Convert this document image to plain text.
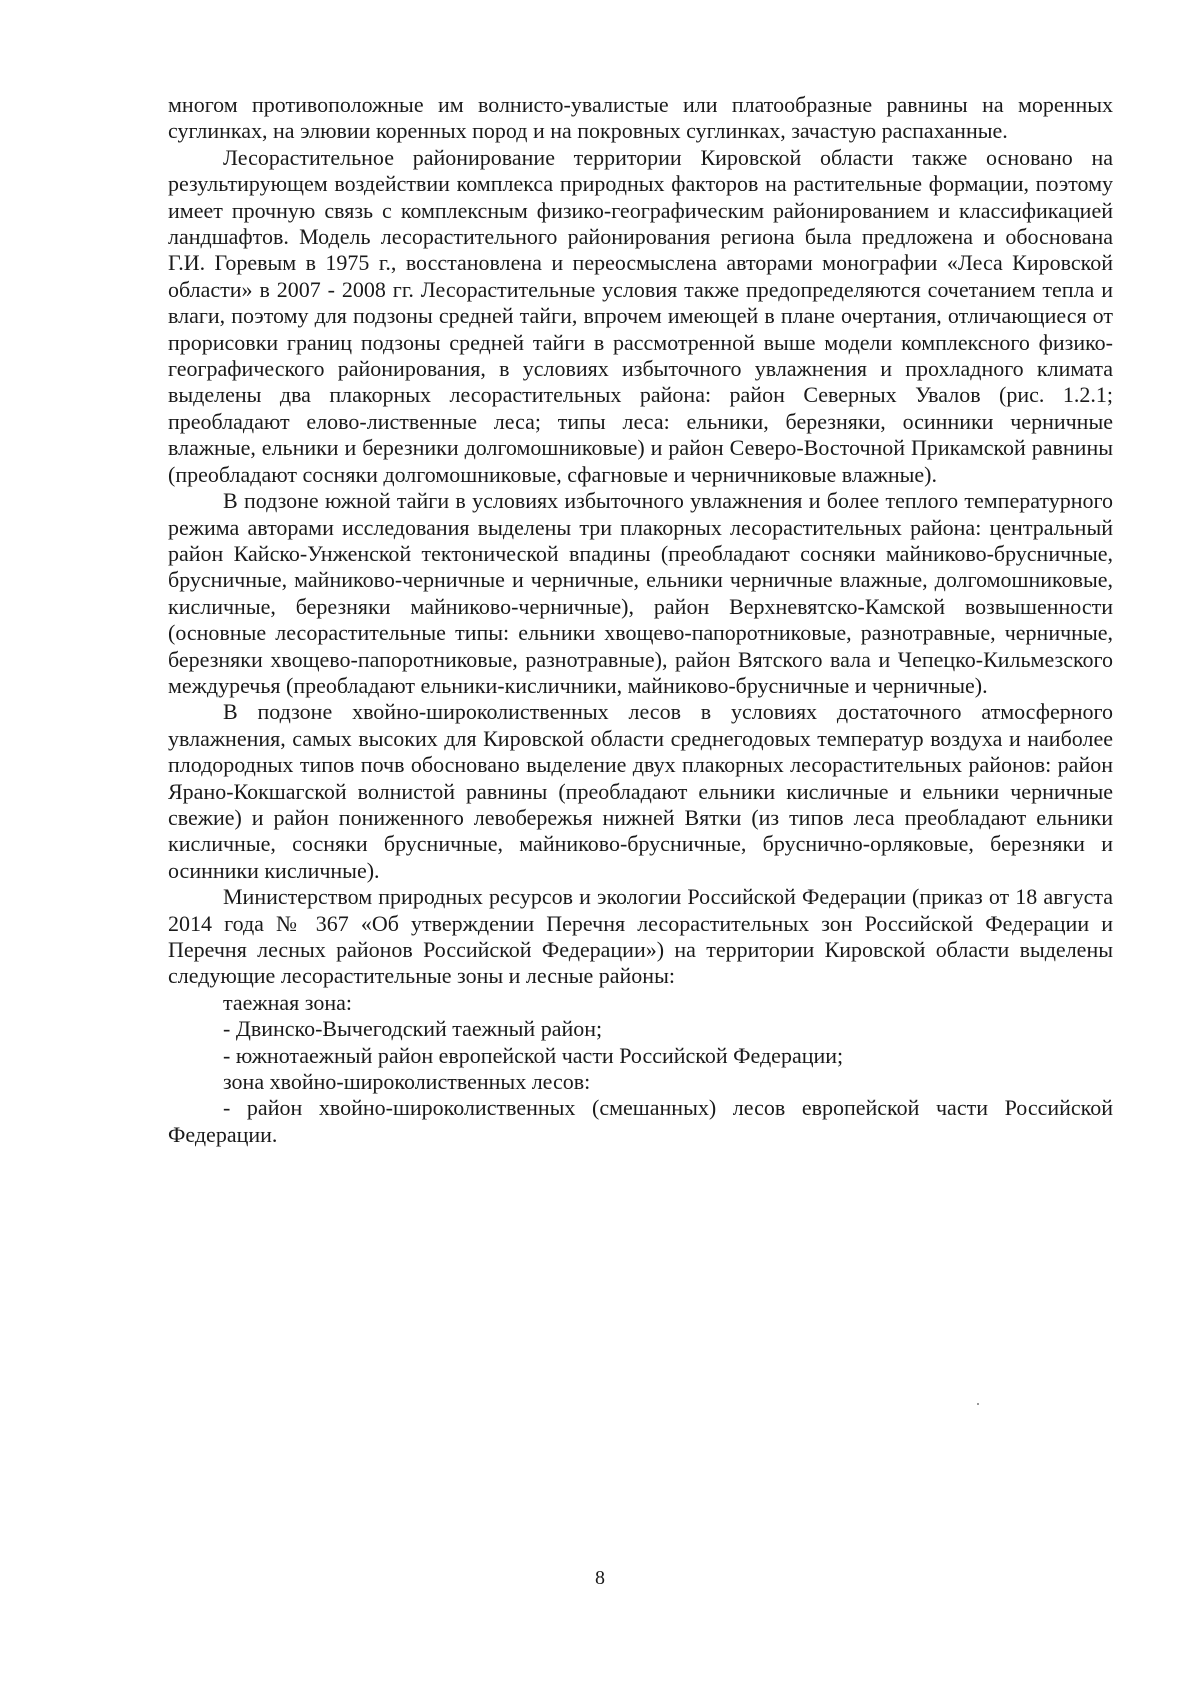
многом противоположные им волнисто-увалистые или платообразные равнины на моренных суглинках, на элювии коренных пород и на покровных суглинках, зачастую распаханные.

Лесорастительное районирование территории Кировской области также основано на результирующем воздействии комплекса природных факторов на растительные формации, поэтому имеет прочную связь с комплексным физико-географическим районированием и классификацией ландшафтов. Модель лесорастительного районирования региона была предложена и обоснована Г.И. Горевым в 1975 г., восстановлена и переосмыслена авторами монографии «Леса Кировской области» в 2007 - 2008 гг. Лесорастительные условия также предопределяются сочетанием тепла и влаги, поэтому для подзоны средней тайги, впрочем имеющей в плане очертания, отличающиеся от прорисовки границ подзоны средней тайги в рассмотренной выше модели комплексного физико-географического районирования, в условиях избыточного увлажнения и прохладного климата выделены два плакорных лесорастительных района: район Северных Увалов (рис. 1.2.1; преобладают елово-лиственные леса; типы леса: ельники, березняки, осинники черничные влажные, ельники и березники долгомошниковые) и район Северо-Восточной Прикамской равнины (преобладают сосняки долгомошниковые, сфагновые и черничниковые влажные).

В подзоне южной тайги в условиях избыточного увлажнения и более теплого температурного режима авторами исследования выделены три плакорных лесорастительных района: центральный район Кайско-Унженской тектонической впадины (преобладают сосняки майниково-брусничные, брусничные, майниково-черничные и черничные, ельники черничные влажные, долгомошниковые, кисличные, березняки майниково-черничные), район Верхневятско-Камской возвышенности (основные лесорастительные типы: ельники хвощево-папоротниковые, разнотравные, черничные, березняки хвощево-папоротниковые, разнотравные), район Вятского вала и Чепецко-Кильмезского междуречья (преобладают ельники-кисличники, майниково-брусничные и черничные).

В подзоне хвойно-широколиственных лесов в условиях достаточного атмосферного увлажнения, самых высоких для Кировской области среднегодовых температур воздуха и наиболее плодородных типов почв обосновано выделение двух плакорных лесорастительных районов: район Ярано-Кокшагской волнистой равнины (преобладают ельники кисличные и ельники черничные свежие) и район пониженного левобережья нижней Вятки (из типов леса преобладают ельники кисличные, сосняки брусничные, майниково-брусничные, бруснично-орляковые, березняки и осинники кисличные).

Министерством природных ресурсов и экологии Российской Федерации (приказ от 18 августа 2014 года № 367 «Об утверждении Перечня лесорастительных зон Российской Федерации и Перечня лесных районов Российской Федерации») на территории Кировской области выделены следующие лесорастительные зоны и лесные районы:

таежная зона:

- Двинско-Вычегодский таежный район;

- южнотаежный район европейской части Российской Федерации;

зона хвойно-широколиственных лесов:

- район хвойно-широколиственных (смешанных) лесов европейской части Российской Федерации.

8
